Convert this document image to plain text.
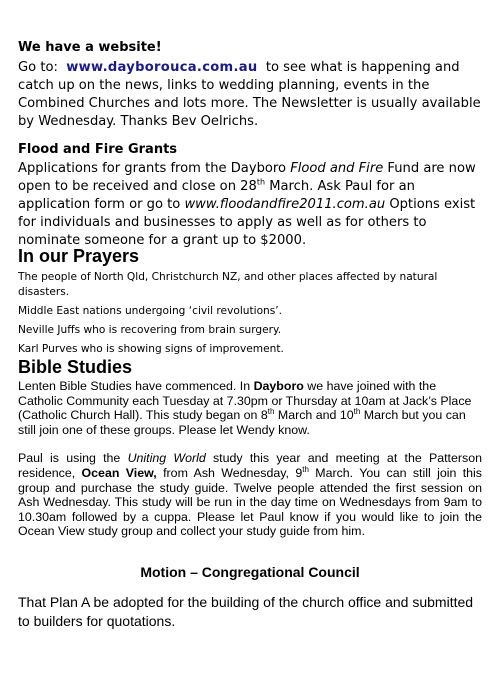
We have a website!

Go to: www.dayborouca.com.au to see what is happening and catch up on the news, links to wedding planning, events in the Combined Churches and lots more. The Newsletter is usually available by Wednesday. Thanks Bev Oelrichs.

Flood and Fire Grants

Applications for grants from the Dayboro Flood and Fire Fund are now open to be received and close on 28th March. Ask Paul for an application form or go to www.floodandfire2011.com.au Options exist for individuals and businesses to apply as well as for others to nominate someone for a grant up to $2000.

In our Prayers

The people of North Qld, Christchurch NZ, and other places affected by natural disasters.

Middle East nations undergoing ‘civil revolutions’.

Neville Juffs who is recovering from brain surgery.

Karl Purves who is showing signs of improvement.

Bible Studies

Lenten Bible Studies have commenced. In Dayboro we have joined with the Catholic Community each Tuesday at 7.30pm or Thursday at 10am at Jack’s Place (Catholic Church Hall). This study began on 8th March and 10th March but you can still join one of these groups. Please let Wendy know.

Paul is using the Uniting World study this year and meeting at the Patterson residence, Ocean View, from Ash Wednesday, 9th March. You can still join this group and purchase the study guide. Twelve people attended the first session on Ash Wednesday. This study will be run in the day time on Wednesdays from 9am to 10.30am followed by a cuppa. Please let Paul know if you would like to join the Ocean View study group and collect your study guide from him.

Motion – Congregational Council

That Plan A be adopted for the building of the church office and submitted to builders for quotations.
